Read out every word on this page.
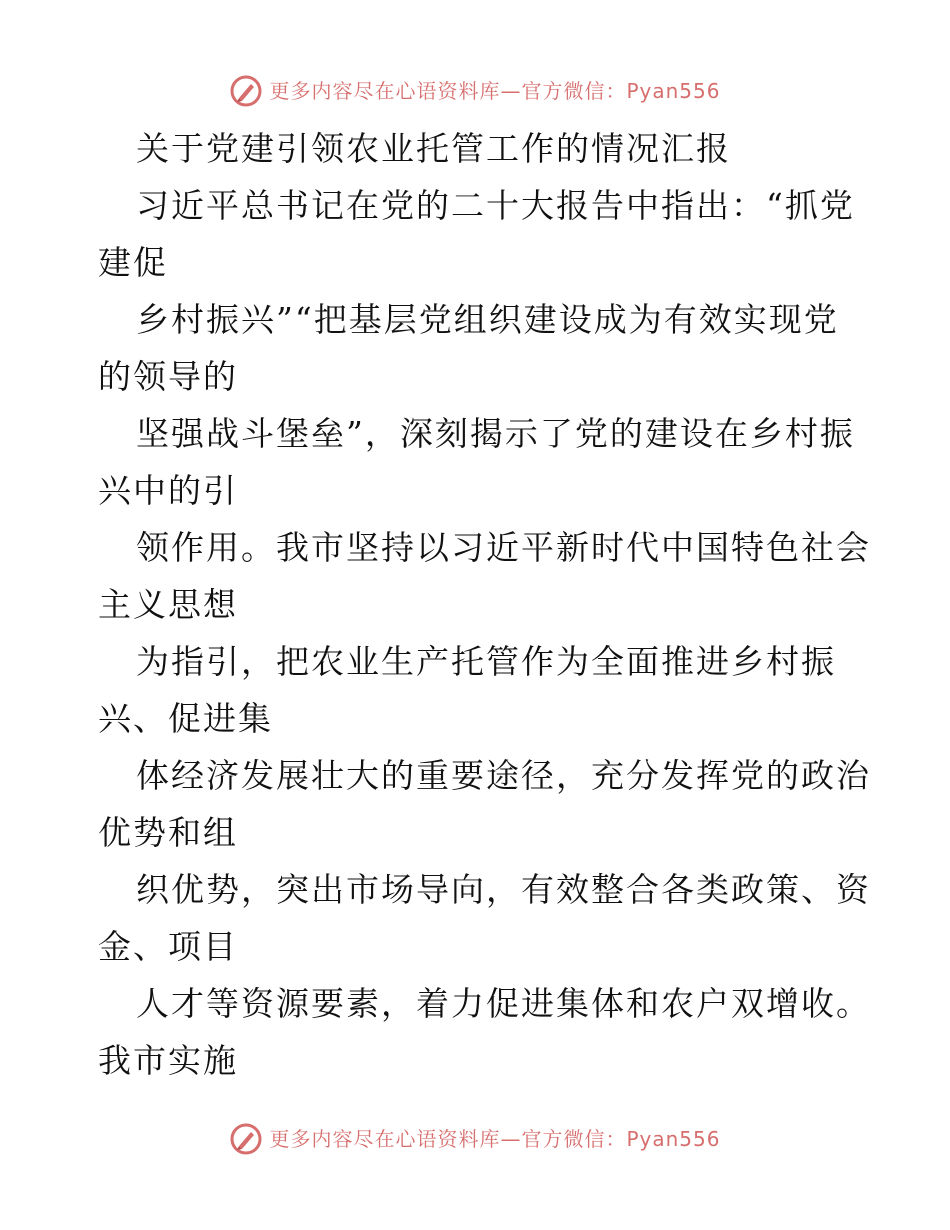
更多内容尽在心语资料库—官方微信：Pyan556
关于党建引领农业托管工作的情况汇报
习近平总书记在党的二十大报告中指出：“抓党
建促
乡村振兴”“把基层党组织建设成为有效实现党
的领导的
坚强战斗堡垒”，深刻揭示了党的建设在乡村振
兴中的引
领作用。我市坚持以习近平新时代中国特色社会
主义思想
为指引，把农业生产托管作为全面推进乡村振
兴、促进集
体经济发展壮大的重要途径，充分发挥党的政治
优势和组
织优势，突出市场导向，有效整合各类政策、资
金、项目
人才等资源要素，着力促进集体和农户双增收。
我市实施
更多内容尽在心语资料库—官方微信：Pyan556
